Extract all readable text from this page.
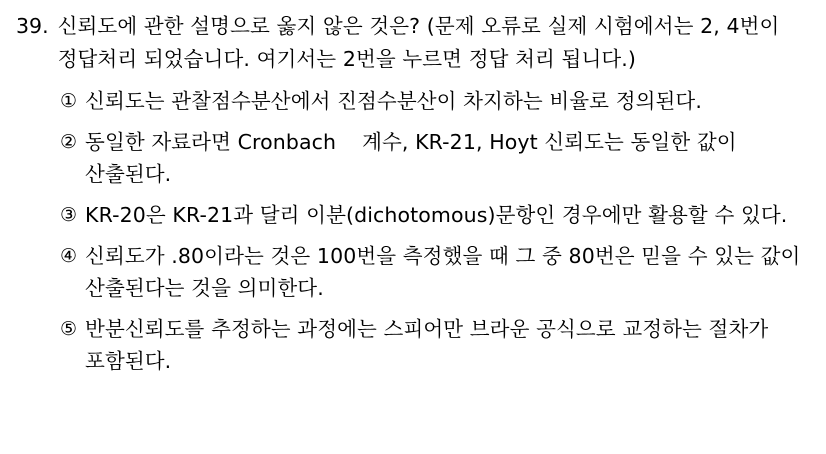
39. 신뢰도에 관한 설명으로 옳지 않은 것은? (문제 오류로 실제 시험에서는 2, 4번이 정답처리 되었습니다. 여기서는 2번을 누르면 정답 처리 됩니다.)
① 신뢰도는 관찰점수분산에서 진점수분산이 차지하는 비율로 정의된다.
② 동일한 자료라면 Cronbach 계수, KR-21, Hoyt 신뢰도는 동일한 값이 산출된다.
③ KR-20은 KR-21과 달리 이분(dichotomous)문항인 경우에만 활용할 수 있다.
④ 신뢰도가 .80이라는 것은 100번을 측정했을 때 그 중 80번은 믿을 수 있는 값이 산출된다는 것을 의미한다.
⑤ 반분신뢰도를 추정하는 과정에는 스피어만 브라운 공식으로 교정하는 절차가 포함된다.
